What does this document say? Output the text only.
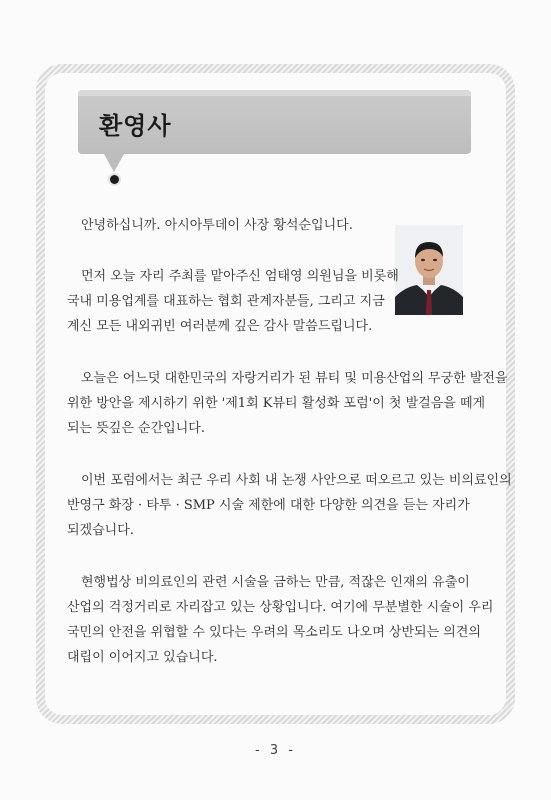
환영사

안녕하십니까. 아시아투데이 사장 황석순입니다.

먼저 오늘 자리 주최를 맡아주신 엄태영 의원님을 비롯해
국내 미용업계를 대표하는 협회 관계자분들, 그리고 지금
계신 모든 내외귀빈 여러분께 깊은 감사 말씀드립니다.

오늘은 어느덧 대한민국의 자랑거리가 된 뷰티 및 미용산업의 무궁한 발전을
위한 방안을 제시하기 위한 '제1회 K뷰티 활성화 포럼'이 첫 발걸음을 떼게
되는 뜻깊은 순간입니다.

이번 포럼에서는 최근 우리 사회 내 논쟁 사안으로 떠오르고 있는 비의료인의
반영구 화장 · 타투 · SMP 시술 제한에 대한 다양한 의견을 듣는 자리가
되겠습니다.

현행법상 비의료인의 관련 시술을 금하는 만큼, 적잖은 인재의 유출이
산업의 걱정거리로 자리잡고 있는 상황입니다. 여기에 무분별한 시술이 우리
국민의 안전을 위협할 수 있다는 우려의 목소리도 나오며 상반되는 의견의
대립이 이어지고 있습니다.

- 3 -
